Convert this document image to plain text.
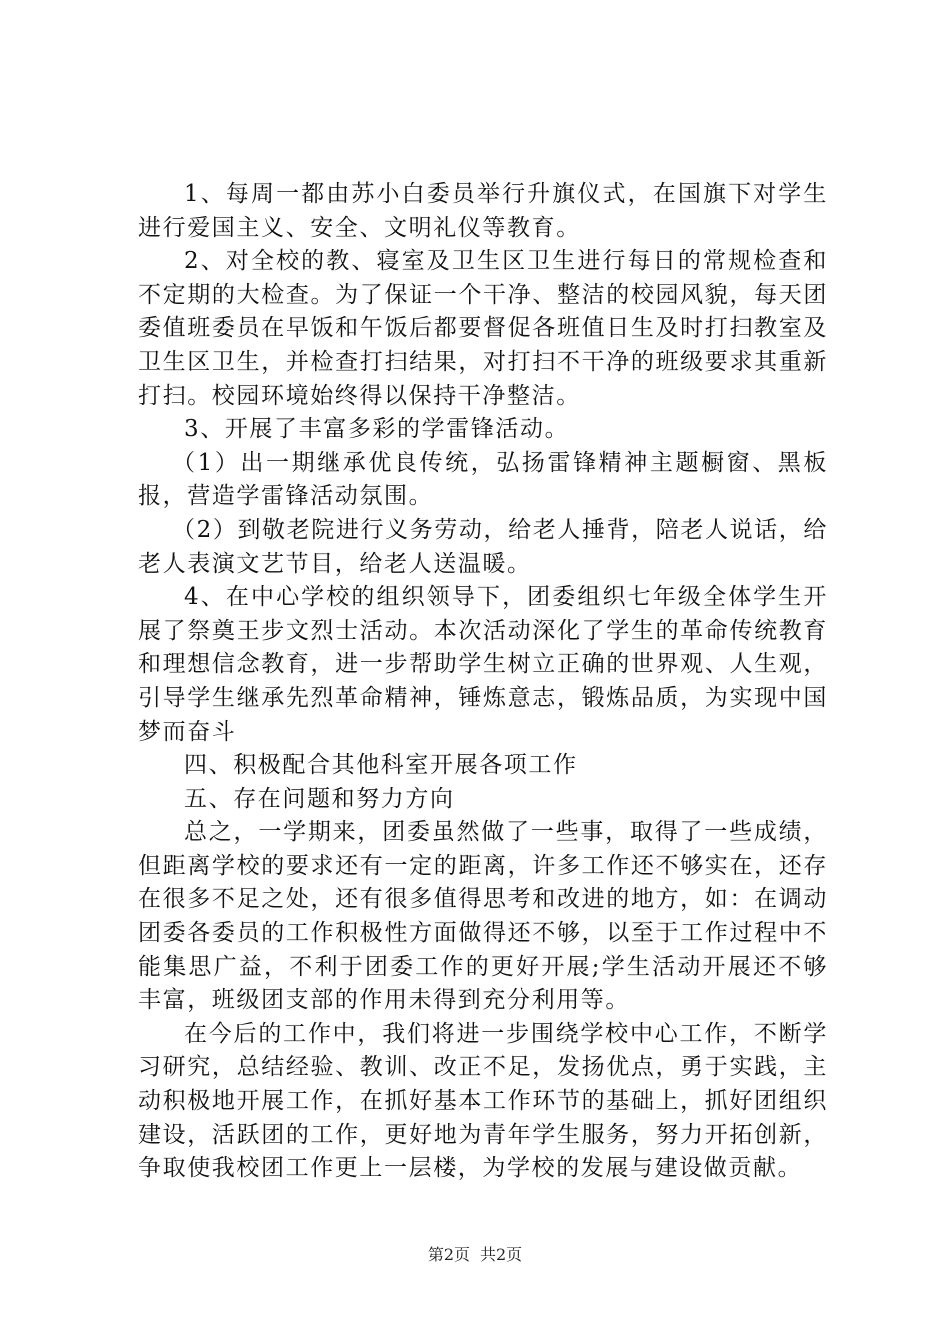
1、每周一都由苏小白委员举行升旗仪式，在国旗下对学生进行爱国主义、安全、文明礼仪等教育。

2、对全校的教、寝室及卫生区卫生进行每日的常规检查和不定期的大检查。为了保证一个干净、整洁的校园风貌，每天团委值班委员在早饭和午饭后都要督促各班值日生及时打扫教室及卫生区卫生，并检查打扫结果，对打扫不干净的班级要求其重新打扫。校园环境始终得以保持干净整洁。

3、开展了丰富多彩的学雷锋活动。

（1）出一期继承优良传统，弘扬雷锋精神主题橱窗、黑板报，营造学雷锋活动氛围。

（2）到敬老院进行义务劳动，给老人捶背，陪老人说话，给老人表演文艺节目，给老人送温暖。

4、在中心学校的组织领导下，团委组织七年级全体学生开展了祭奠王步文烈士活动。本次活动深化了学生的革命传统教育和理想信念教育，进一步帮助学生树立正确的世界观、人生观，引导学生继承先烈革命精神，锤炼意志，锻炼品质，为实现中国梦而奋斗

四、积极配合其他科室开展各项工作

五、存在问题和努力方向

总之，一学期来，团委虽然做了一些事，取得了一些成绩，但距离学校的要求还有一定的距离，许多工作还不够实在，还存在很多不足之处，还有很多值得思考和改进的地方，如：在调动团委各委员的工作积极性方面做得还不够，以至于工作过程中不能集思广益，不利于团委工作的更好开展;学生活动开展还不够丰富，班级团支部的作用未得到充分利用等。

在今后的工作中，我们将进一步围绕学校中心工作，不断学习研究，总结经验、教训、改正不足，发扬优点，勇于实践，主动积极地开展工作，在抓好基本工作环节的基础上，抓好团组织建设，活跃团的工作，更好地为青年学生服务，努力开拓创新，争取使我校团工作更上一层楼，为学校的发展与建设做贡献。

第2页 共2页
